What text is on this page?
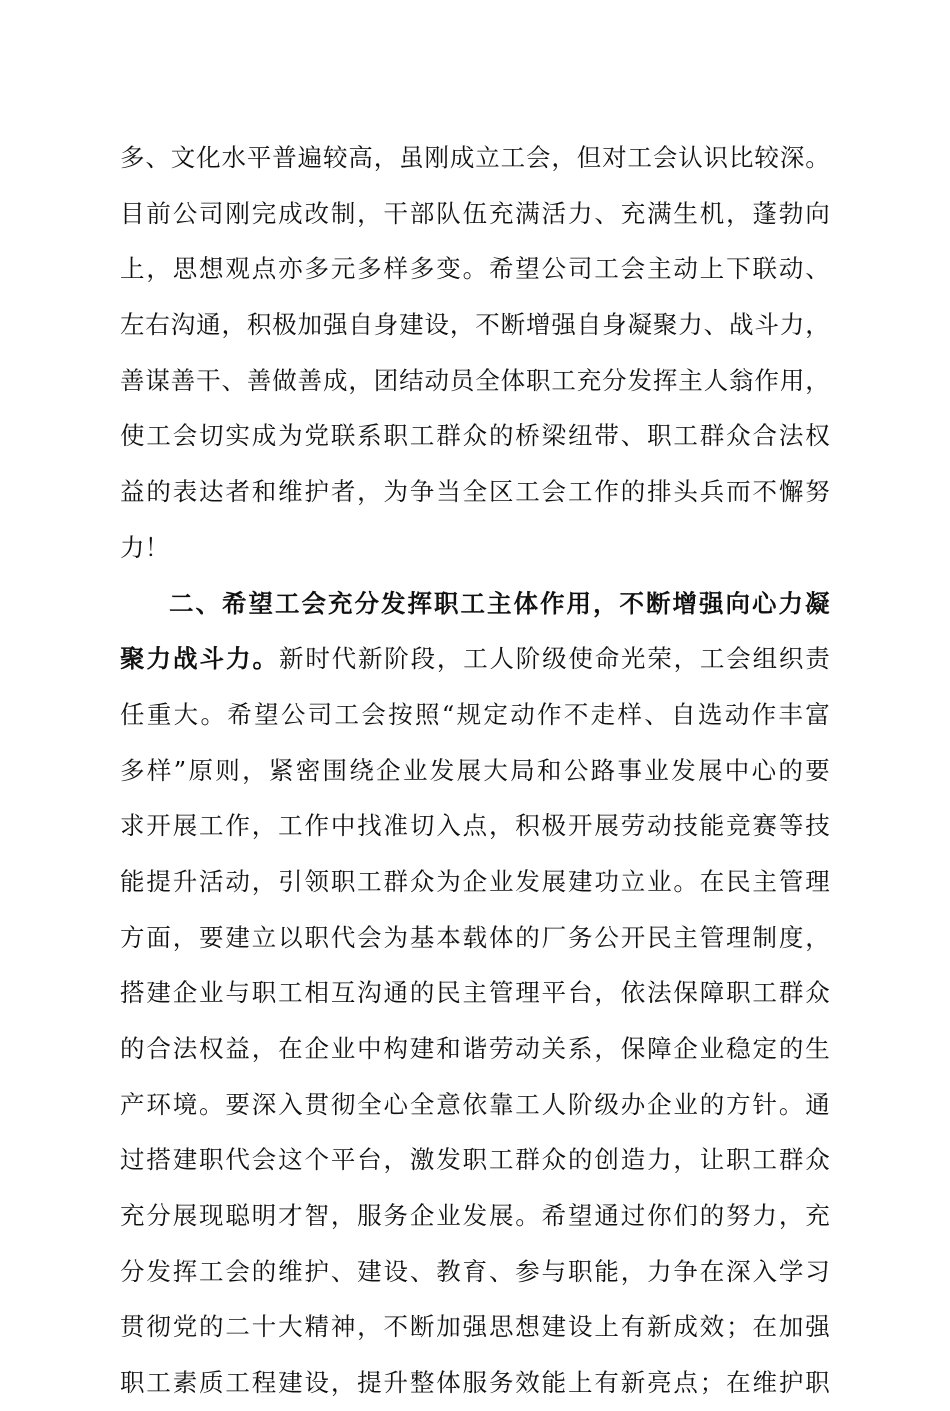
多、文化水平普遍较高，虽刚成立工会，但对工会认识比较深。
目前公司刚完成改制，干部队伍充满活力、充满生机，蓬勃向
上，思想观点亦多元多样多变。希望公司工会主动上下联动、
左右沟通，积极加强自身建设，不断增强自身凝聚力、战斗力，
善谋善干、善做善成，团结动员全体职工充分发挥主人翁作用，
使工会切实成为党联系职工群众的桥梁纽带、职工群众合法权
益的表达者和维护者，为争当全区工会工作的排头兵而不懈努
力！
二、希望工会充分发挥职工主体作用，不断增强向心力凝
聚力战斗力。新时代新阶段，工人阶级使命光荣，工会组织责
任重大。希望公司工会按照“规定动作不走样、自选动作丰富
多样”原则，紧密围绕企业发展大局和公路事业发展中心的要
求开展工作，工作中找准切入点，积极开展劳动技能竞赛等技
能提升活动，引领职工群众为企业发展建功立业。在民主管理
方面，要建立以职代会为基本载体的厂务公开民主管理制度，
搭建企业与职工相互沟通的民主管理平台，依法保障职工群众
的合法权益，在企业中构建和谐劳动关系，保障企业稳定的生
产环境。要深入贯彻全心全意依靠工人阶级办企业的方针。通
过搭建职代会这个平台，激发职工群众的创造力，让职工群众
充分展现聪明才智，服务企业发展。希望通过你们的努力，充
分发挥工会的维护、建设、教育、参与职能，力争在深入学习
贯彻党的二十大精神，不断加强思想建设上有新成效；在加强
职工素质工程建设，提升整体服务效能上有新亮点；在维护职
